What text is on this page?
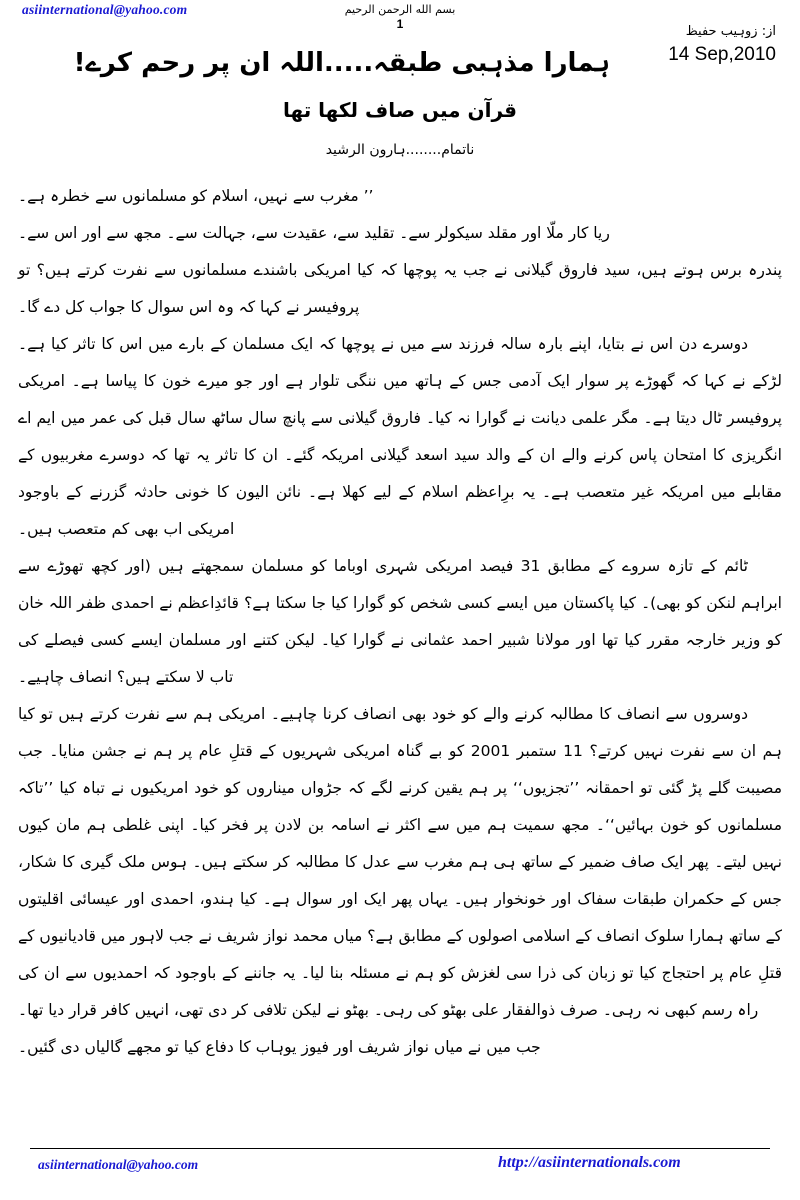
asiinternational@yahoo.com	بسم الله الرحمن الرحيم
1	از: زوہیب حفیظ
14 Sep,2010
ہمارا مذہبی طبقہ.....اللہ ان پر رحم کرے!
قرآن میں صاف لکھا تھا
ناتمام........ہارون الرشید

’’ مغرب سے نہیں، اسلام کو مسلمانوں سے خطرہ ہے۔

ریا کار ملّا اور مقلد سیکولر سے۔ تقلید سے، عقیدت سے، جہالت سے۔ مجھ سے اور اس سے۔

پندرہ برس ہوتے ہیں، سید فاروق گیلانی نے جب یہ پوچھا کہ کیا امریکی باشندے مسلمانوں سے نفرت کرتے ہیں؟ تو پروفیسر نے کہا کہ وہ اس سوال کا جواب کل دے گا۔

دوسرے دن اس نے بتایا، اپنے بارہ سالہ فرزند سے میں نے پوچھا کہ ایک مسلمان کے بارے میں اس کا تاثر کیا ہے۔ لڑکے نے کہا کہ گھوڑے پر سوار ایک آدمی جس کے ہاتھ میں ننگی تلوار ہے اور جو میرے خون کا پیاسا ہے۔ امریکی پروفیسر ٹال دیتا ہے۔ مگر علمی دیانت نے گوارا نہ کیا۔ فاروق گیلانی سے پانچ سال ساٹھ سال قبل کی عمر میں ایم اے انگریزی کا امتحان پاس کرنے والے ان کے والد سید اسعد گیلانی امریکہ گئے۔ ان کا تاثر یہ تھا کہ دوسرے مغربیوں کے مقابلے میں امریکہ غیر متعصب ہے۔ یہ برِاعظم اسلام کے لیے کھلا ہے۔ نائن الیون کا خونی حادثہ گزرنے کے باوجود امریکی اب بھی کم متعصب ہیں۔

ٹائم کے تازہ سروے کے مطابق 31 فیصد امریکی شہری اوباما کو مسلمان سمجھتے ہیں (اور کچھ تھوڑے سے ابراہم لنکن کو بھی)۔ کیا پاکستان میں ایسے کسی شخص کو گوارا کیا جا سکتا ہے؟ قائدِاعظم نے احمدی ظفر اللہ خان کو وزیر خارجہ مقرر کیا تھا اور مولانا شبیر احمد عثمانی نے گوارا کیا۔ لیکن کتنے اور مسلمان ایسے کسی فیصلے کی تاب لا سکتے ہیں؟ انصاف چاہیے۔

دوسروں سے انصاف کا مطالبہ کرنے والے کو خود بھی انصاف کرنا چاہیے۔ امریکی ہم سے نفرت کرتے ہیں تو کیا ہم ان سے نفرت نہیں کرتے؟ 11 ستمبر 2001 کو بے گناہ امریکی شہریوں کے قتلِ عام پر ہم نے جشن منایا۔ جب مصیبت گلے پڑ گئی تو احمقانہ ’’تجزیوں‘‘ پر ہم یقین کرنے لگے کہ جڑواں میناروں کو خود امریکیوں نے تباہ کیا ’’تاکہ مسلمانوں کو خون بہائیں‘‘۔ مجھ سمیت ہم میں سے اکثر نے اسامہ بن لادن پر فخر کیا۔ اپنی غلطی ہم مان کیوں نہیں لیتے۔ پھر ایک صاف ضمیر کے ساتھ ہی ہم مغرب سے عدل کا مطالبہ کر سکتے ہیں۔ ہوس ملک گیری کا شکار، جس کے حکمران طبقات سفاک اور خونخوار ہیں۔ یہاں پھر ایک اور سوال ہے۔ کیا ہندو، احمدی اور عیسائی اقلیتوں کے ساتھ ہمارا سلوک انصاف کے اسلامی اصولوں کے مطابق ہے؟ میاں محمد نواز شریف نے جب لاہور میں قادیانیوں کے قتلِ عام پر احتجاج کیا تو زبان کی ذرا سی لغزش کو ہم نے مسئلہ بنا لیا۔ یہ جاننے کے باوجود کہ احمدیوں سے ان کی راہ رسم کبھی نہ رہی۔ صرف ذوالفقار علی بھٹو کی رہی۔ بھٹو نے لیکن تلافی کر دی تھی، انہیں کافر قرار دیا تھا۔

جب میں نے میاں نواز شریف اور فیوز یوہاب کا دفاع کیا تو مجھے گالیاں دی گئیں۔

asiinternational@yahoo.com	http://asiinternationals.com
